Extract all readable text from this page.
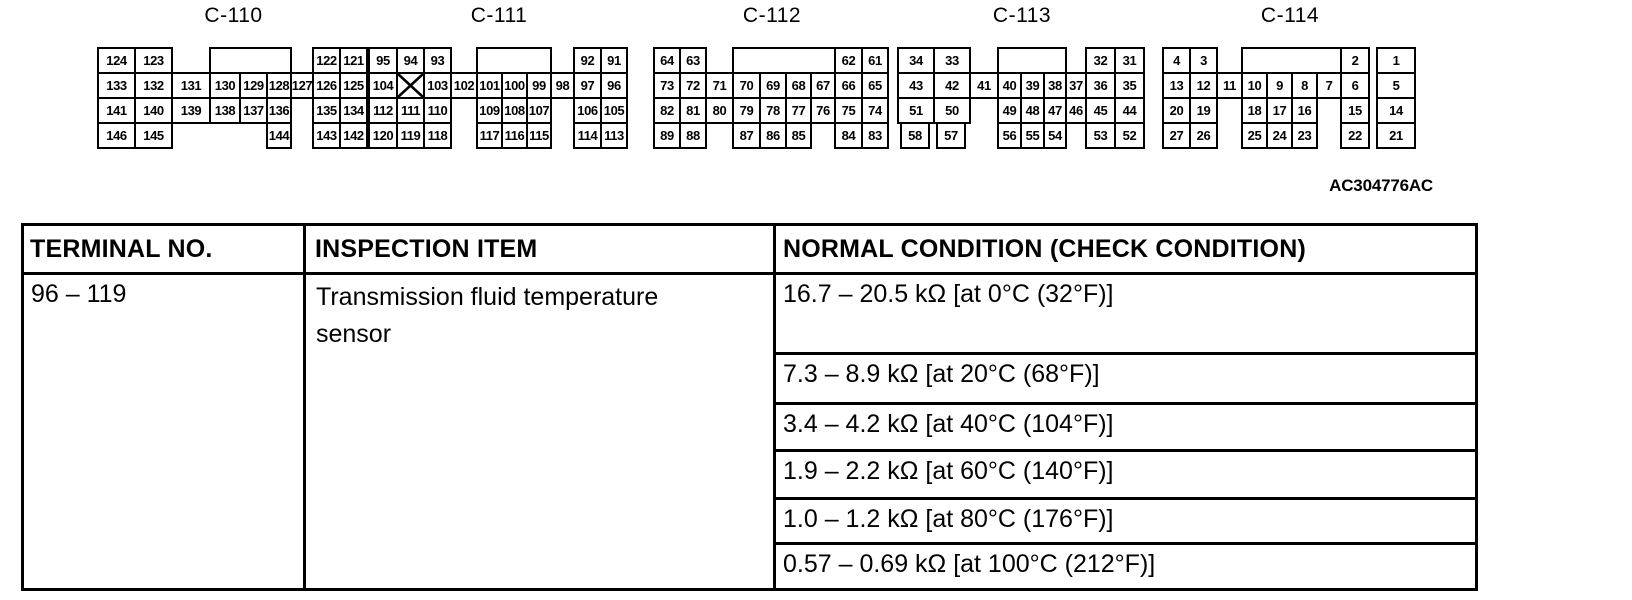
C-110
124	123	122 121
133	132	131	130 129 128 127 126 125
141	140	139	138 137 136	135 134
146	145	144	143 142
C-111
95	94	93	92 91
104	103 102 101 100 99 98 97 96
112 111 110	109 108 107	106 105
120 119 118	117 116 115	114 113
C-112
64 63	62 61
73 72 71	70 69 68 67 66 65
82 81 80	79 78 77 76 75 74
89 88	87 86 85	84 83
C-113
34	33	32	31
43	42	41 40 39 38 37 36	35
51	50	49 48 47 46 45	44
58	57	56 55 54	53	52
C-114
4	3	2	1
13	12 11 10	9	8	7	6	5
20	19	18 17 16	15	14
27	26	25 24 23	22	21
AC304776AC
TERMINAL NO.	INSPECTION ITEM	NORMAL CONDITION (CHECK CONDITION)
96 – 119	Transmission fluid temperature sensor
16.7 – 20.5 kΩ [at 0°C (32°F)]
7.3 – 8.9 kΩ [at 20°C (68°F)]
3.4 – 4.2 kΩ [at 40°C (104°F)]
1.9 – 2.2 kΩ [at 60°C (140°F)]
1.0 – 1.2 kΩ [at 80°C (176°F)]
0.57 – 0.69 kΩ [at 100°C (212°F)]
